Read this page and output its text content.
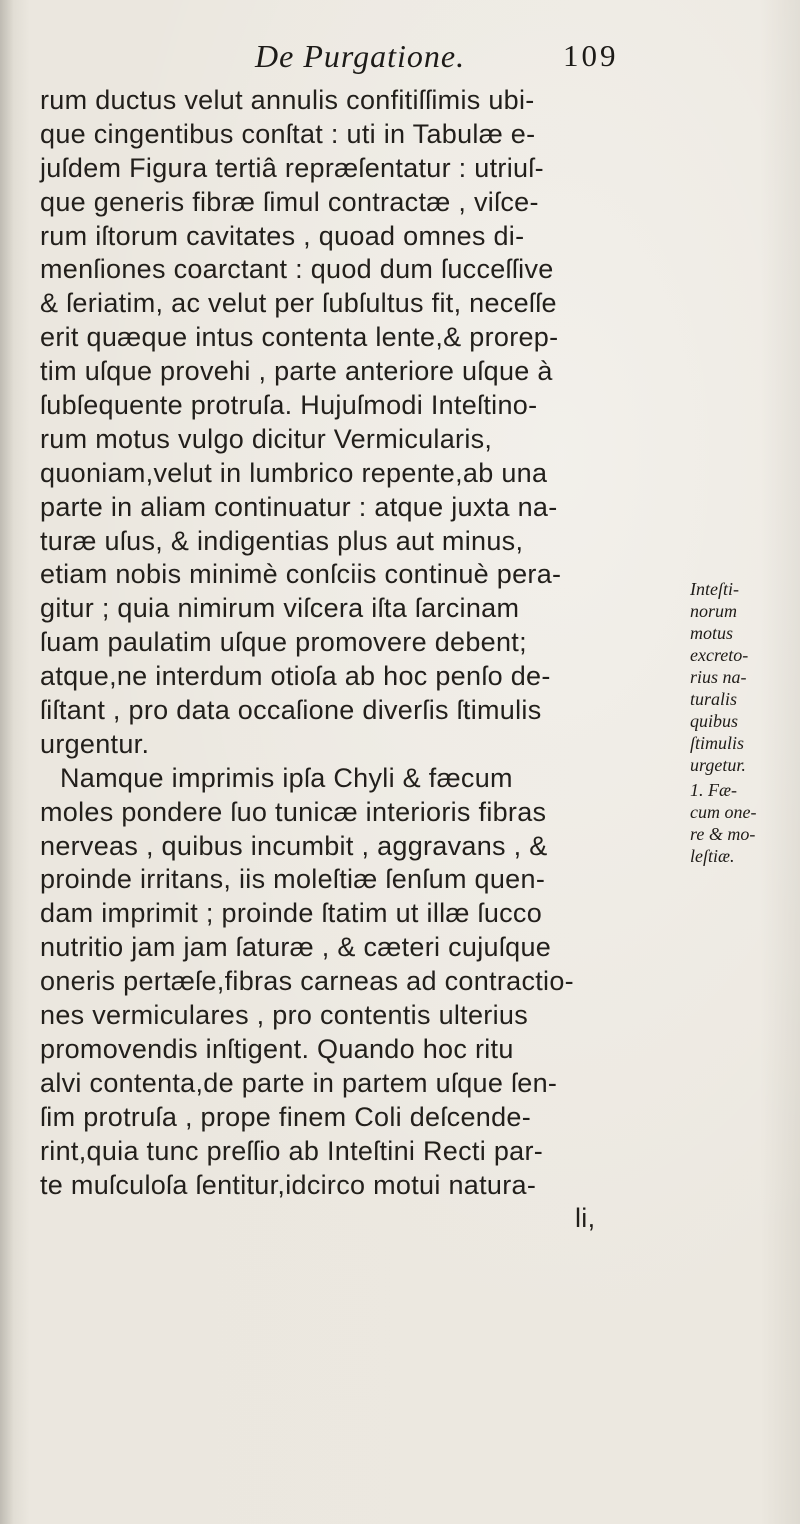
De Purgatione.	109
rum ductus velut annulis confitiſſimis ubi-
que cingentibus conſtat : uti in Tabulæ e-
juſdem Figura tertiâ repræſentatur : utriuſ-
que generis fibræ ſimul contractæ , viſce-
rum iſtorum cavitates , quoad omnes di-
menſiones coarctant : quod dum ſucceſſive
& ſeriatim, ac velut per ſubſultus fit, neceſſe
erit quæque intus contenta lente,& prorep-
tim uſque provehi , parte anteriore uſque à
ſubſequente protruſa. Hujuſmodi Inteſtino-
rum motus vulgo dicitur Vermicularis,
quoniam,velut in lumbrico repente,ab una
parte in aliam continuatur : atque juxta na-
turæ uſus, & indigentias plus aut minus,
etiam nobis minimè conſciis continuè pera-
gitur ; quia nimirum viſcera iſta ſarcinam
ſuam paulatim uſque promovere debent;
atque,ne interdum otioſa ab hoc penſo de-
ſiſtant , pro data occaſione diverſis ſtimulis
urgentur.
Namque imprimis ipſa Chyli & fæcum
moles pondere ſuo tunicæ interioris fibras
nerveas , quibus incumbit , aggravans , &
proinde irritans, iis moleſtiæ ſenſum quen-
dam imprimit ; proinde ſtatim ut illæ ſucco
nutritio jam jam ſaturæ , & cæteri cujuſque
oneris pertæſe,fibras carneas ad contractio-
nes vermiculares , pro contentis ulterius
promovendis inſtigent. Quando hoc ritu
alvi contenta,de parte in partem uſque ſen-
ſim protruſa , prope finem Coli deſcende-
rint,quia tunc preſſio ab Inteſtini Recti par-
te muſculoſa ſentitur,idcirco motui natura-
li,
Inteſti-
norum
motus
excreto-
rius na-
turalis
quibus
ſtimulis
urgetur.
1. Fæ-
cum one-
re & mo-
leſtiæ.
